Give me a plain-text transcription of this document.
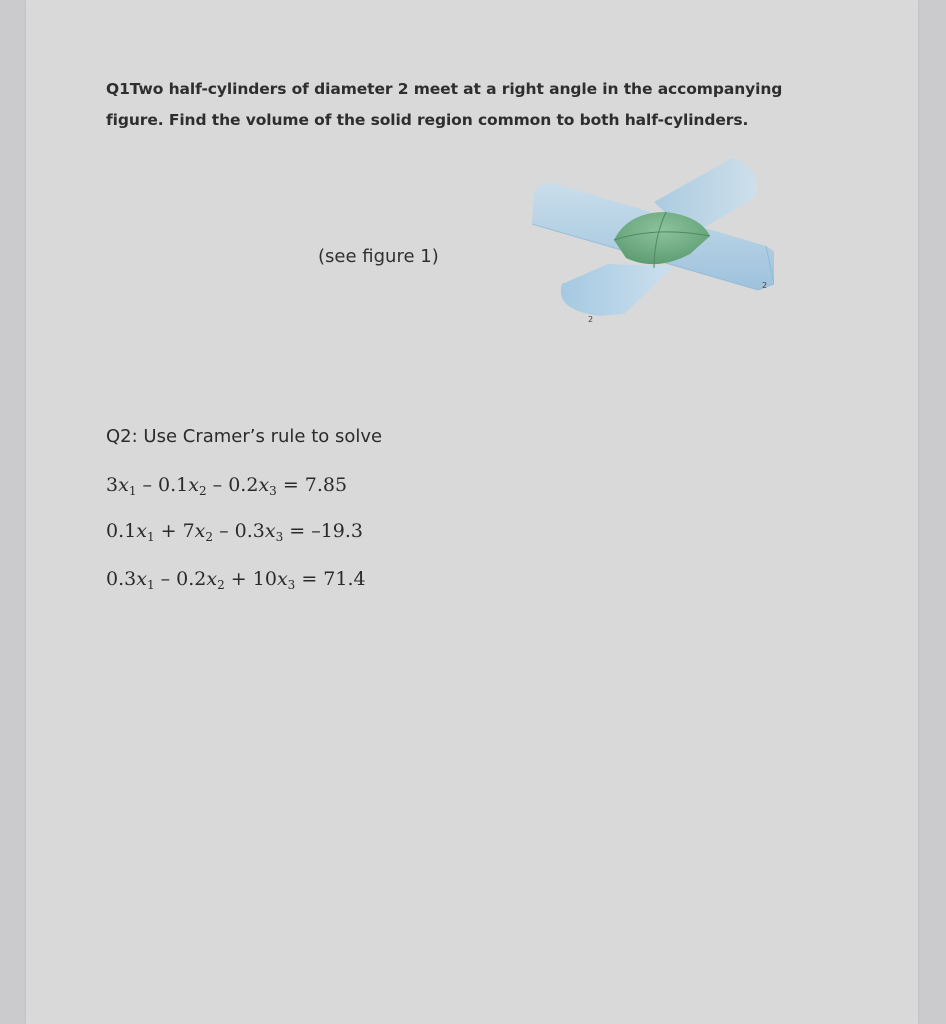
Q1Two half-cylinders of diameter 2 meet at a right angle in the accompanying figure. Find the volume of the solid region common to both half-cylinders.
(see figure 1)
2
2
Q2: Use Cramer’s rule to solve
$3x_1 - 0.1x_2 - 0.2x_3 = 7.85$
$0.1x_1 + 7x_2 - 0.3x_3 = -19.3$
$0.3x_1 - 0.2x_2 + 10x_3 = 71.4$
